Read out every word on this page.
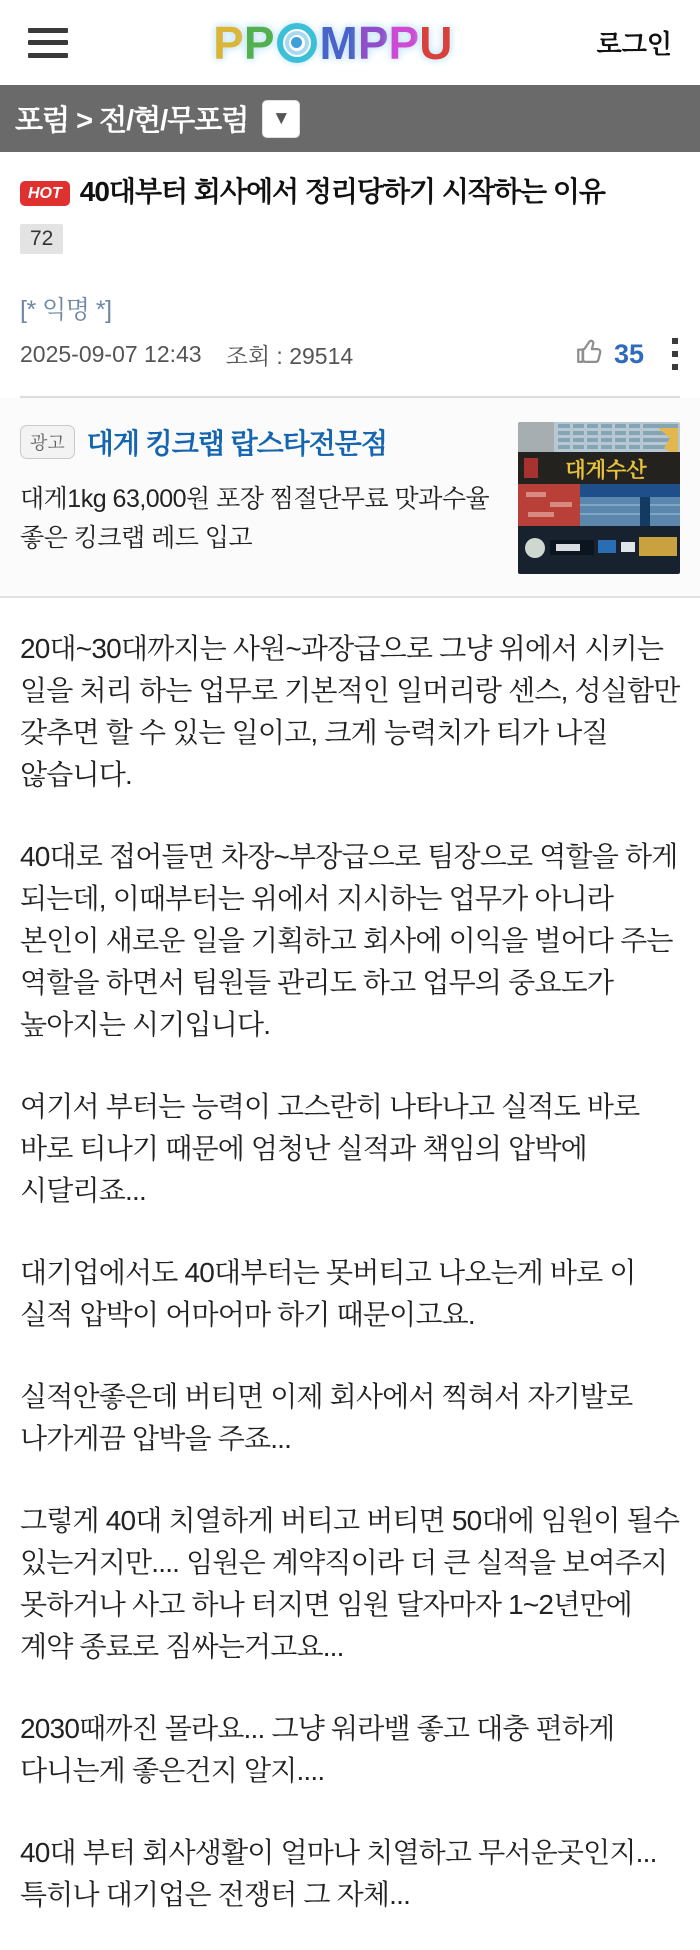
P P M P P U	로그인
포럼 > 전/현/무포럼 ▼
HOT 40대부터 회사에서 정리당하기 시작하는 이유
72
[* 익명 *]
2025-09-07 12:43 조회 : 29514	35
광고 대게 킹크랩 랍스타전문점
대게1kg 63,000원 포장 찜절단무료 맛과수율 좋은 킹크랩 레드 입고
대게수산

20대~30대까지는 사원~과장급으로 그냥 위에서 시키는 일을 처리 하는 업무로 기본적인 일머리랑 센스, 성실함만 갖추면 할 수 있는 일이고, 크게 능력치가 티가 나질 않습니다.

40대로 접어들면 차장~부장급으로 팀장으로 역할을 하게 되는데, 이때부터는 위에서 지시하는 업무가 아니라 본인이 새로운 일을 기획하고 회사에 이익을 벌어다 주는 역할을 하면서 팀원들 관리도 하고 업무의 중요도가 높아지는 시기입니다.

여기서 부터는 능력이 고스란히 나타나고 실적도 바로 바로 티나기 때문에 엄청난 실적과 책임의 압박에 시달리죠...

대기업에서도 40대부터는 못버티고 나오는게 바로 이 실적 압박이 어마어마 하기 때문이고요.

실적안좋은데 버티면 이제 회사에서 찍혀서 자기발로 나가게끔 압박을 주죠...

그렇게 40대 치열하게 버티고 버티면 50대에 임원이 될수 있는거지만.... 임원은 계약직이라 더 큰 실적을 보여주지 못하거나 사고 하나 터지면 임원 달자마자 1~2년만에 계약 종료로 짐싸는거고요...

2030때까진 몰라요... 그냥 워라밸 좋고 대충 편하게 다니는게 좋은건지 알지....

40대 부터 회사생활이 얼마나 치열하고 무서운곳인지... 특히나 대기업은 전쟁터 그 자체...
